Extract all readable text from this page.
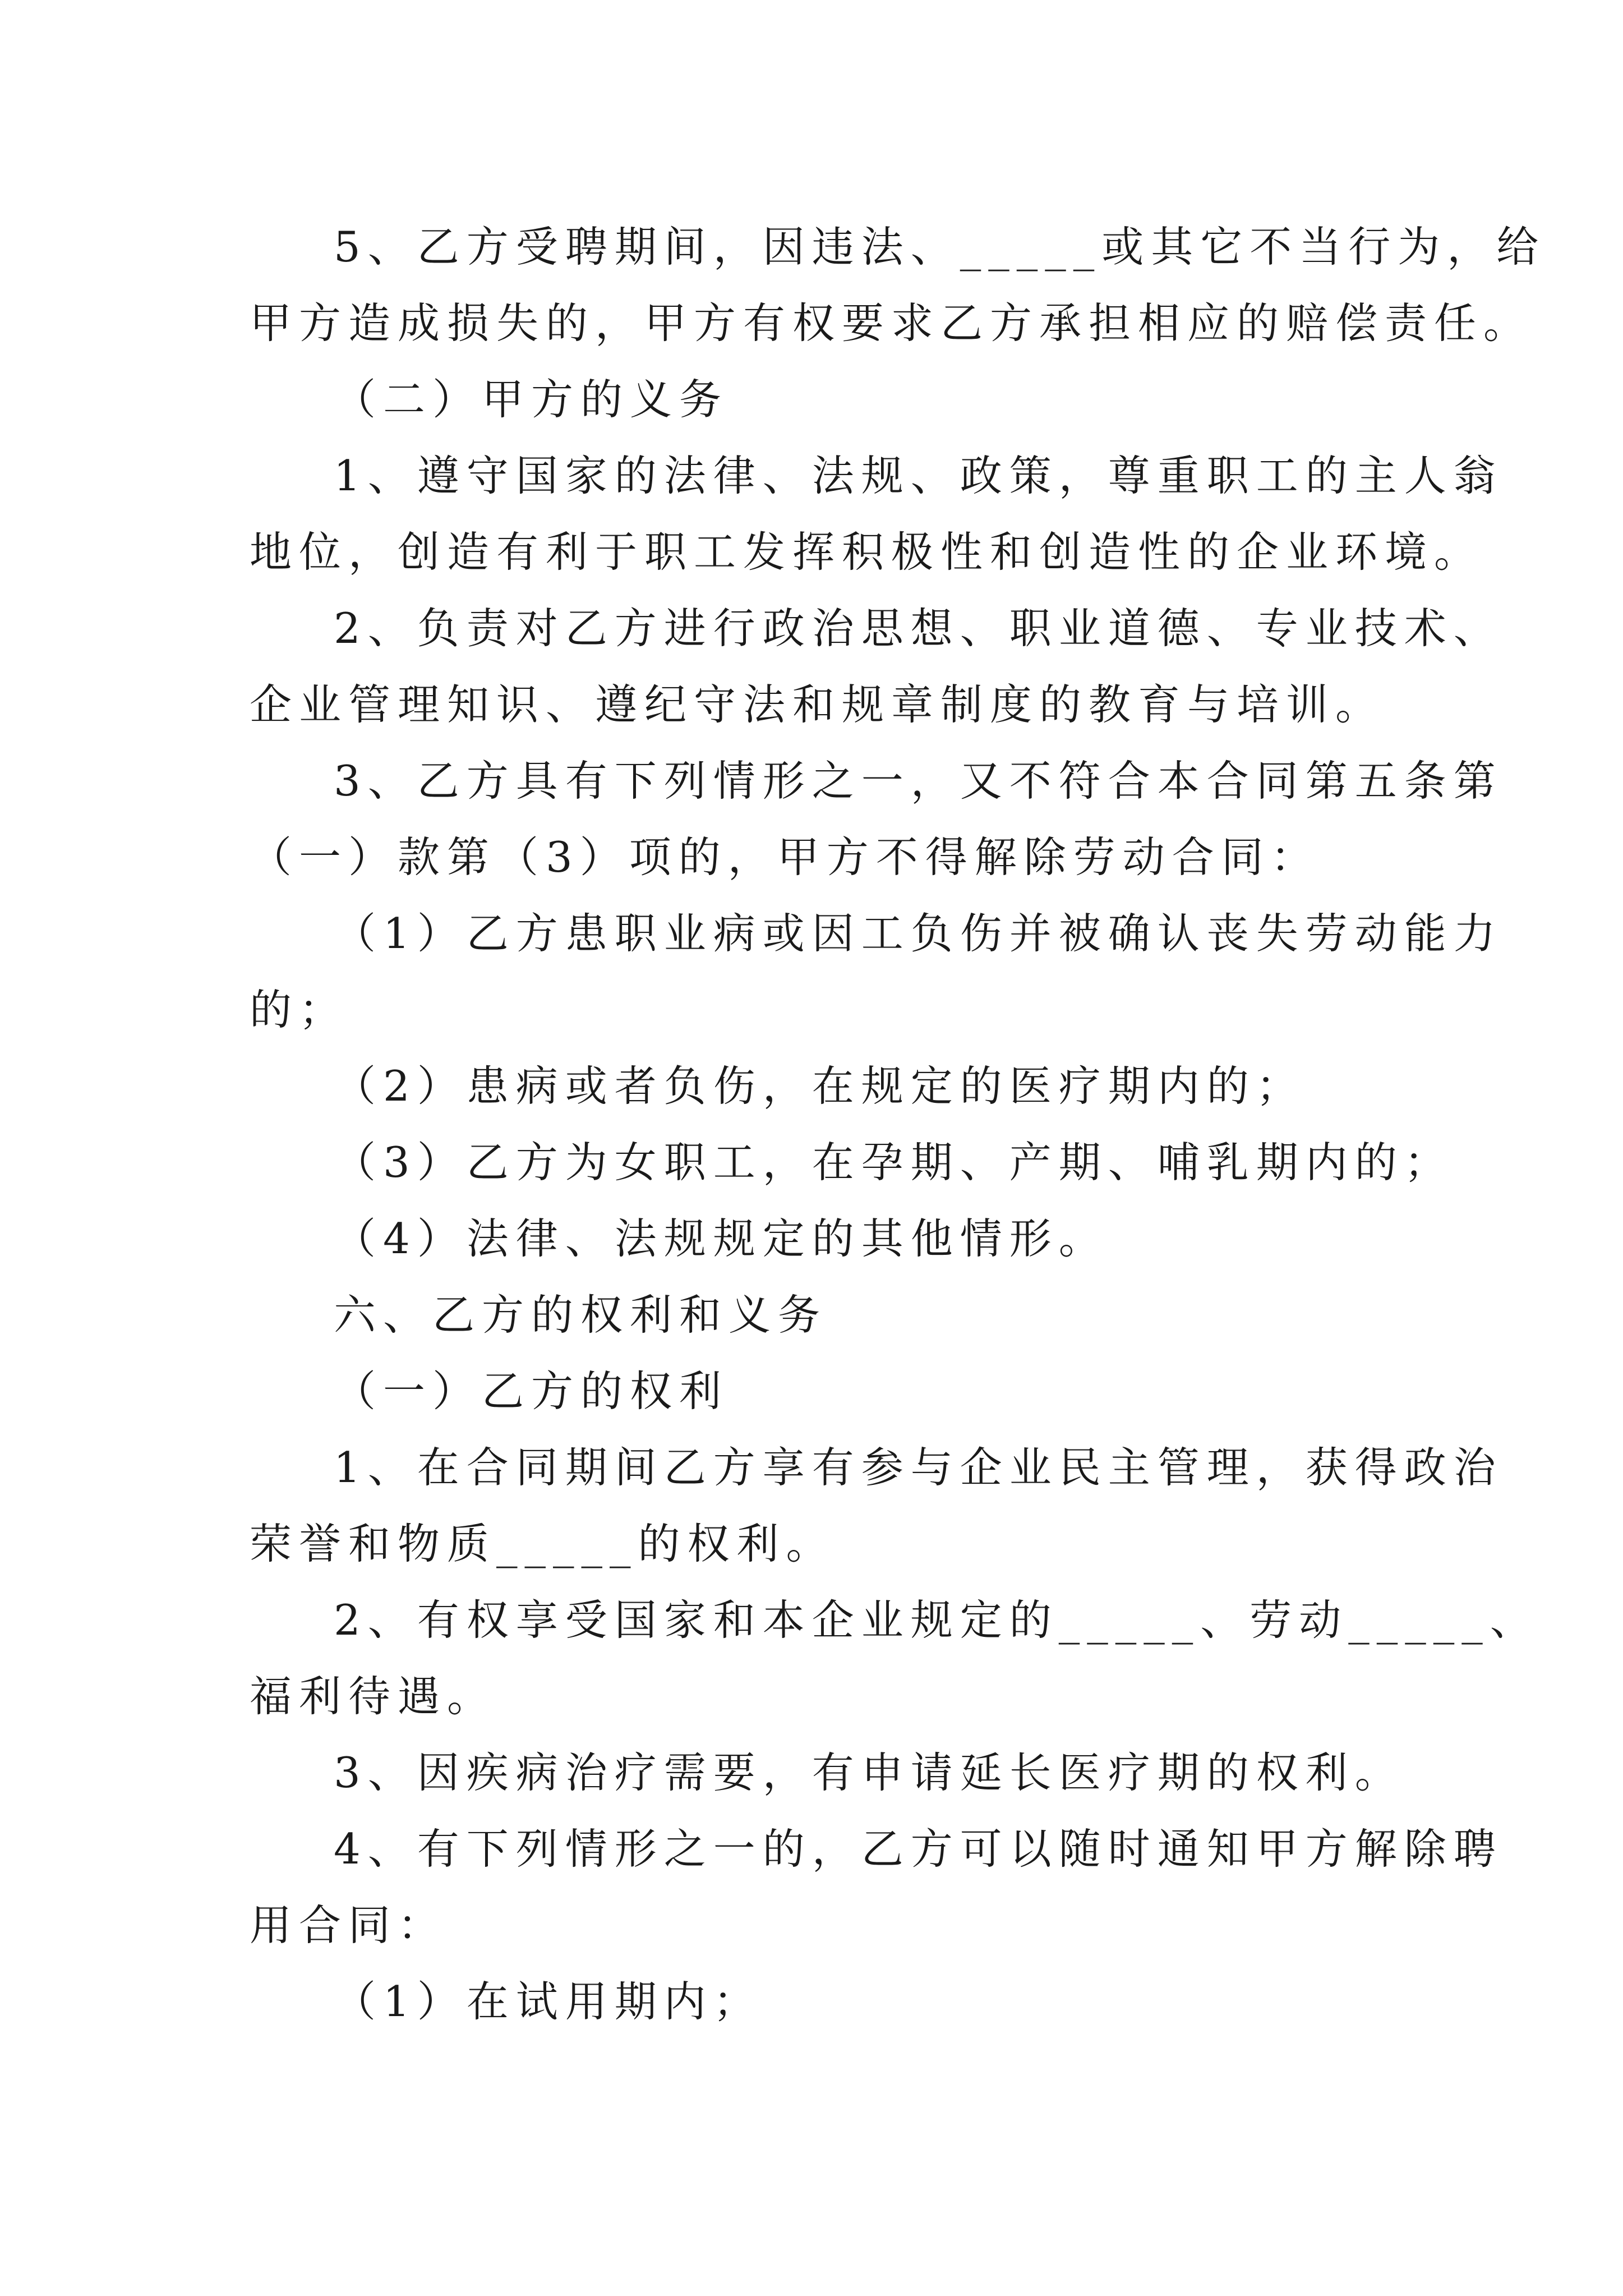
5、乙方受聘期间，因违法、_____或其它不当行为，给
甲方造成损失的，甲方有权要求乙方承担相应的赔偿责任。
（二）甲方的义务
1、遵守国家的法律、法规、政策，尊重职工的主人翁
地位，创造有利于职工发挥积极性和创造性的企业环境。
2、负责对乙方进行政治思想、职业道德、专业技术、
企业管理知识、遵纪守法和规章制度的教育与培训。
3、乙方具有下列情形之一，又不符合本合同第五条第
（一）款第（3）项的，甲方不得解除劳动合同：
（1）乙方患职业病或因工负伤并被确认丧失劳动能力
的；
（2）患病或者负伤，在规定的医疗期内的；
（3）乙方为女职工，在孕期、产期、哺乳期内的；
（4）法律、法规规定的其他情形。
六、乙方的权利和义务
（一）乙方的权利
1、在合同期间乙方享有参与企业民主管理，获得政治
荣誉和物质_____的权利。
2、有权享受国家和本企业规定的_____、劳动_____、
福利待遇。
3、因疾病治疗需要，有申请延长医疗期的权利。
4、有下列情形之一的，乙方可以随时通知甲方解除聘
用合同：
（1）在试用期内；
